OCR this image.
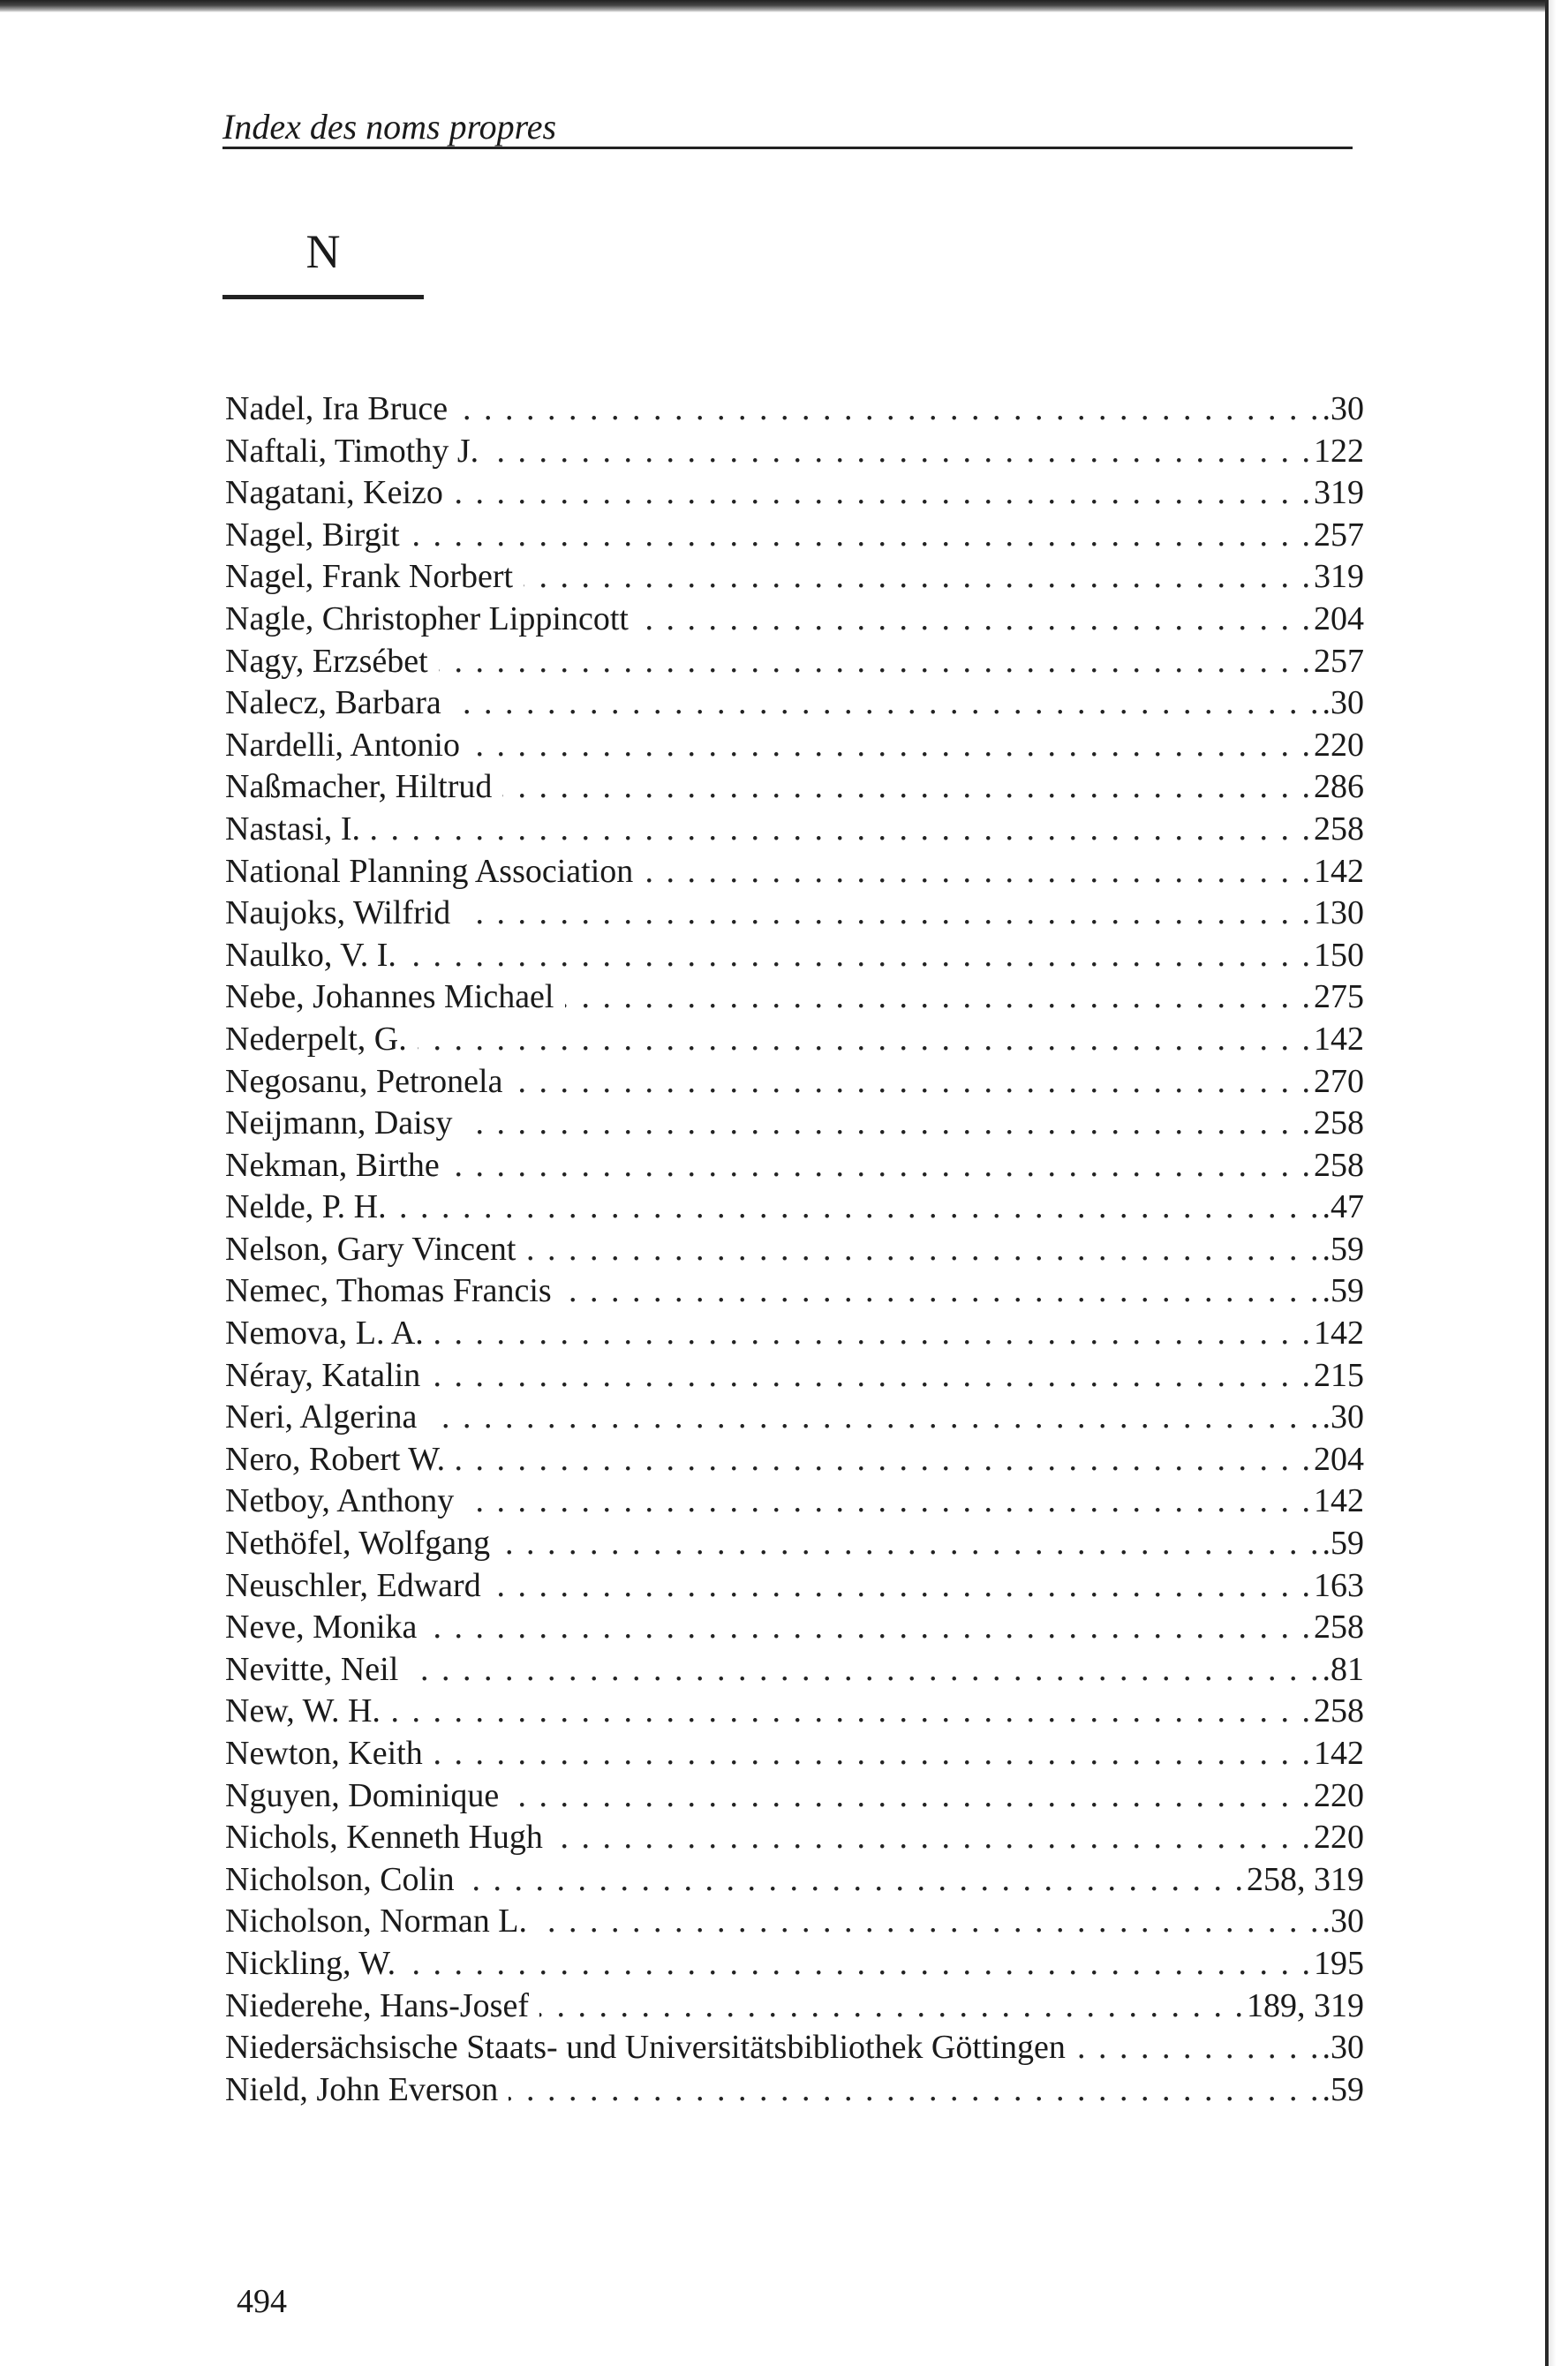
Index des noms propres
N
Nadel, Ira Bruce . . .	.30
Naftali, Timothy J. . . .	122
Nagatani, Keizo . . .	319
Nagel, Birgit . . .	257
Nagel, Frank Norbert . . .	319
Nagle, Christopher Lippincott . . .	204
Nagy, Erzsébet . . .	257
Nalecz, Barbara . . .	.30
Nardelli, Antonio . . .	220
Naßmacher, Hiltrud . . .	286
Nastasi, I. . . .	258
National Planning Association . . .	142
Naujoks, Wilfrid . . .	130
Naulko, V. I. . . .	150
Nebe, Johannes Michael . . .	275
Nederpelt, G. . . .	142
Negosanu, Petronela . . .	270
Neijmann, Daisy . . .	258
Nekman, Birthe . . .	258
Nelde, P. H. . . .	.47
Nelson, Gary Vincent . . .	.59
Nemec, Thomas Francis . . .	.59
Nemova, L. A. . . .	142
Néray, Katalin . . .	215
Neri, Algerina . . .	.30
Nero, Robert W. . . .	204
Netboy, Anthony . . .	142
Nethöfel, Wolfgang . . .	.59
Neuschler, Edward . . .	163
Neve, Monika . . .	258
Nevitte, Neil . . .	.81
New, W. H. . . .	258
Newton, Keith . . .	142
Nguyen, Dominique . . .	220
Nichols, Kenneth Hugh . . .	220
Nicholson, Colin . . .	258, 319
Nicholson, Norman L. . . .	.30
Nickling, W. . . .	195
Niederehe, Hans-Josef . . .	189, 319
Niedersächsische Staats- und Universitätsbibliothek Göttingen . . .	.30
Nield, John Everson . . .	.59
494
